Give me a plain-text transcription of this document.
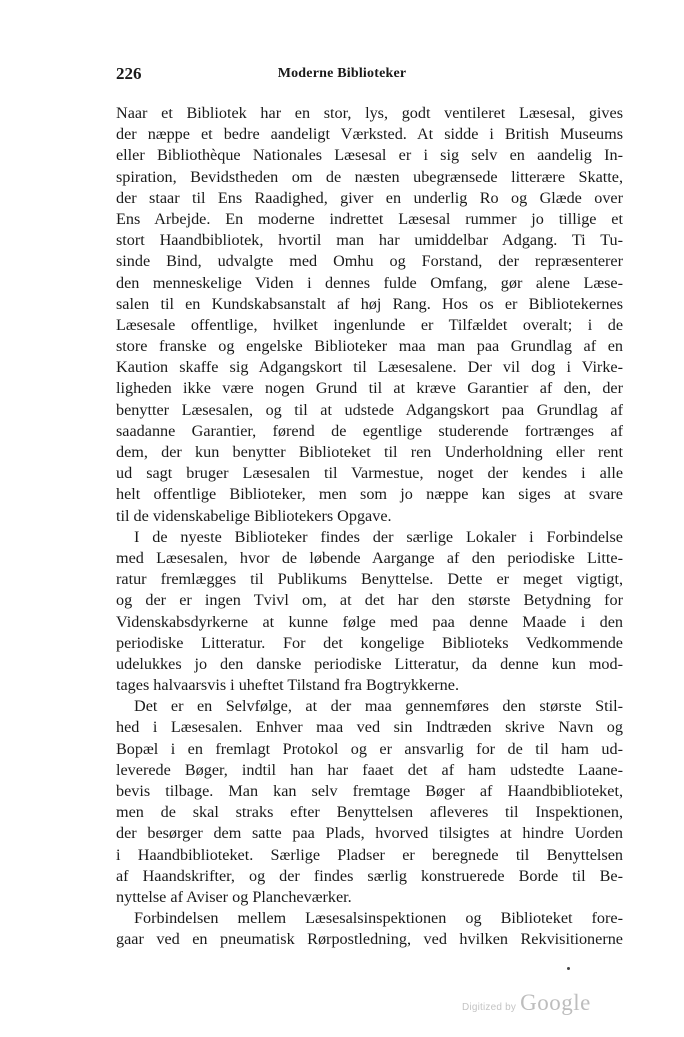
226	Moderne Biblioteker
Naar et Bibliotek har en stor, lys, godt ventileret Læsesal, gives
der næppe et bedre aandeligt Værksted. At sidde i British Museums
eller Bibliothèque Nationales Læsesal er i sig selv en aandelig In-
spiration, Bevidstheden om de næsten ubegrænsede litterære Skatte,
der staar til Ens Raadighed, giver en underlig Ro og Glæde over
Ens Arbejde. En moderne indrettet Læsesal rummer jo tillige et
stort Haandbibliotek, hvortil man har umiddelbar Adgang. Ti Tu-
sinde Bind, udvalgte med Omhu og Forstand, der repræsenterer
den menneskelige Viden i dennes fulde Omfang, gør alene Læse-
salen til en Kundskabsanstalt af høj Rang. Hos os er Bibliotekernes
Læsesale offentlige, hvilket ingenlunde er Tilfældet overalt; i de
store franske og engelske Biblioteker maa man paa Grundlag af en
Kaution skaffe sig Adgangskort til Læsesalene. Der vil dog i Virke-
ligheden ikke være nogen Grund til at kræve Garantier af den, der
benytter Læsesalen, og til at udstede Adgangskort paa Grundlag af
saadanne Garantier, førend de egentlige studerende fortrænges af
dem, der kun benytter Biblioteket til ren Underholdning eller rent
ud sagt bruger Læsesalen til Varmestue, noget der kendes i alle
helt offentlige Biblioteker, men som jo næppe kan siges at svare
til de videnskabelige Bibliotekers Opgave.
I de nyeste Biblioteker findes der særlige Lokaler i Forbindelse
med Læsesalen, hvor de løbende Aargange af den periodiske Litte-
ratur fremlægges til Publikums Benyttelse. Dette er meget vigtigt,
og der er ingen Tvivl om, at det har den største Betydning for
Videnskabsdyrkerne at kunne følge med paa denne Maade i den
periodiske Litteratur. For det kongelige Biblioteks Vedkommende
udelukkes jo den danske periodiske Litteratur, da denne kun mod-
tages halvaarsvis i uheftet Tilstand fra Bogtrykkerne.
Det er en Selvfølge, at der maa gennemføres den største Stil-
hed i Læsesalen. Enhver maa ved sin Indtræden skrive Navn og
Bopæl i en fremlagt Protokol og er ansvarlig for de til ham ud-
leverede Bøger, indtil han har faaet det af ham udstedte Laane-
bevis tilbage. Man kan selv fremtage Bøger af Haandbiblioteket,
men de skal straks efter Benyttelsen afleveres til Inspektionen,
der besørger dem satte paa Plads, hvorved tilsigtes at hindre Uorden
i Haandbiblioteket. Særlige Pladser er beregnede til Benyttelsen
af Haandskrifter, og der findes særlig konstruerede Borde til Be-
nyttelse af Aviser og Plancheværker.
Forbindelsen mellem Læsesalsinspektionen og Biblioteket fore-
gaar ved en pneumatisk Rørpostledning, ved hvilken Rekvisitionerne
Digitized by Google
